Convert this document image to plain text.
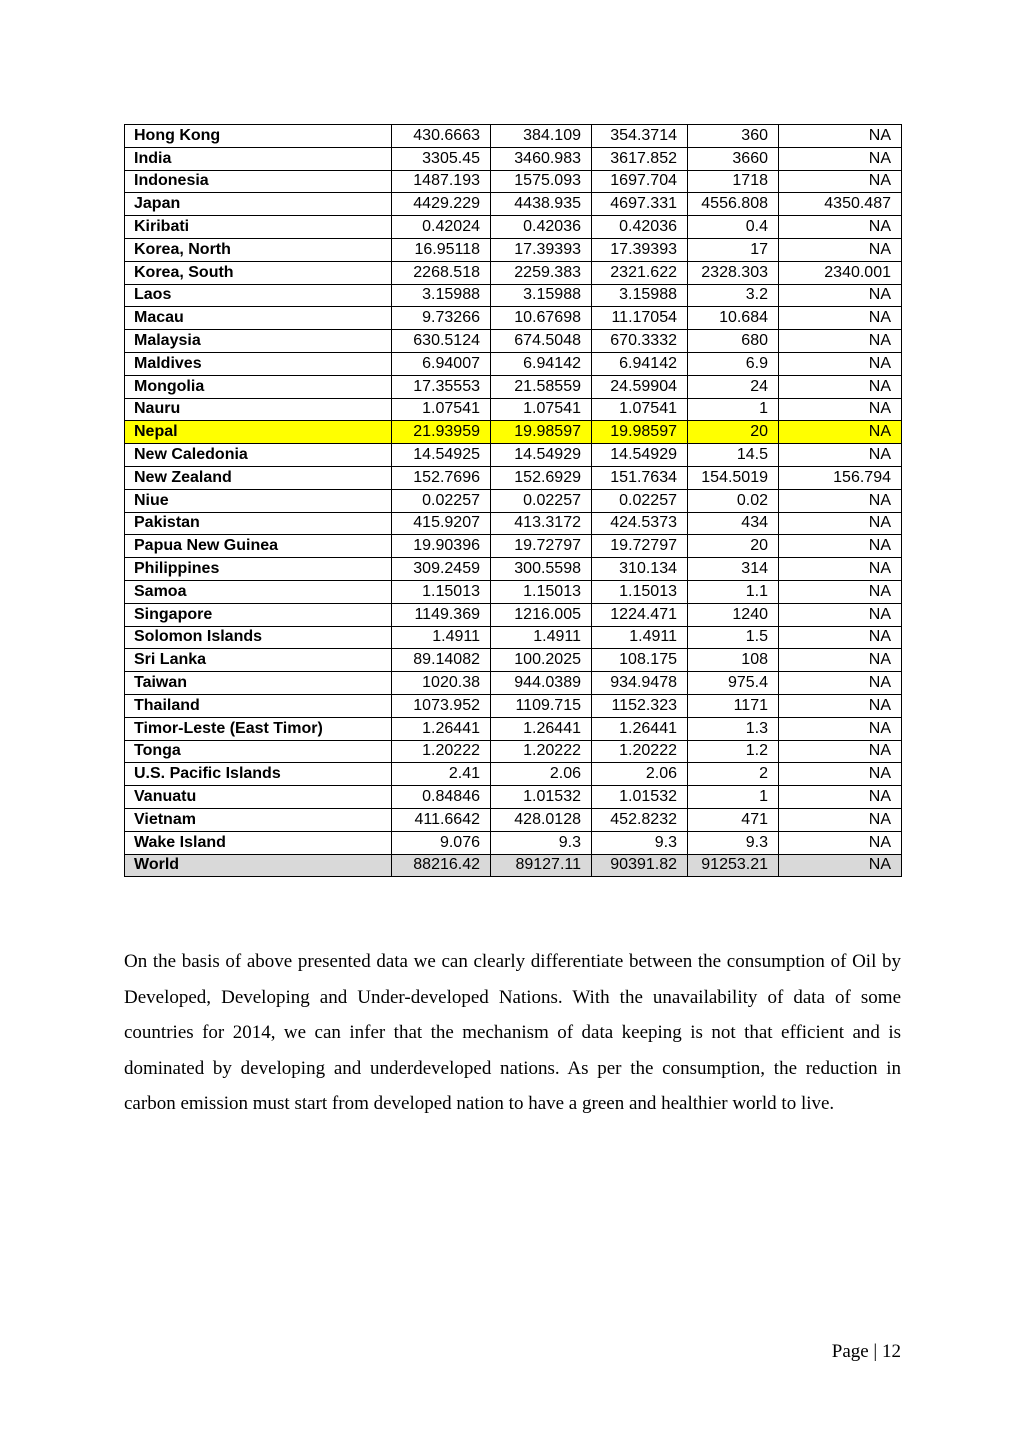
Hong Kong	430.6663	384.109	354.3714	360	NA
India	3305.45	3460.983	3617.852	3660	NA
Indonesia	1487.193	1575.093	1697.704	1718	NA
Japan	4429.229	4438.935	4697.331	4556.808	4350.487
Kiribati	0.42024	0.42036	0.42036	0.4	NA
Korea, North	16.95118	17.39393	17.39393	17	NA
Korea, South	2268.518	2259.383	2321.622	2328.303	2340.001
Laos	3.15988	3.15988	3.15988	3.2	NA
Macau	9.73266	10.67698	11.17054	10.684	NA
Malaysia	630.5124	674.5048	670.3332	680	NA
Maldives	6.94007	6.94142	6.94142	6.9	NA
Mongolia	17.35553	21.58559	24.59904	24	NA
Nauru	1.07541	1.07541	1.07541	1	NA
Nepal	21.93959	19.98597	19.98597	20	NA
New Caledonia	14.54925	14.54929	14.54929	14.5	NA
New Zealand	152.7696	152.6929	151.7634	154.5019	156.794
Niue	0.02257	0.02257	0.02257	0.02	NA
Pakistan	415.9207	413.3172	424.5373	434	NA
Papua New Guinea	19.90396	19.72797	19.72797	20	NA
Philippines	309.2459	300.5598	310.134	314	NA
Samoa	1.15013	1.15013	1.15013	1.1	NA
Singapore	1149.369	1216.005	1224.471	1240	NA
Solomon Islands	1.4911	1.4911	1.4911	1.5	NA
Sri Lanka	89.14082	100.2025	108.175	108	NA
Taiwan	1020.38	944.0389	934.9478	975.4	NA
Thailand	1073.952	1109.715	1152.323	1171	NA
Timor-Leste (East Timor)	1.26441	1.26441	1.26441	1.3	NA
Tonga	1.20222	1.20222	1.20222	1.2	NA
U.S. Pacific Islands	2.41	2.06	2.06	2	NA
Vanuatu	0.84846	1.01532	1.01532	1	NA
Vietnam	411.6642	428.0128	452.8232	471	NA
Wake Island	9.076	9.3	9.3	9.3	NA
World	88216.42	89127.11	90391.82	91253.21	NA

On the basis of above presented data we can clearly differentiate between the consumption of Oil by Developed, Developing and Under-developed Nations. With the unavailability of data of some countries for 2014, we can infer that the mechanism of data keeping is not that efficient and is dominated by developing and underdeveloped nations. As per the consumption, the reduction in carbon emission must start from developed nation to have a green and healthier world to live.

Page | 12
